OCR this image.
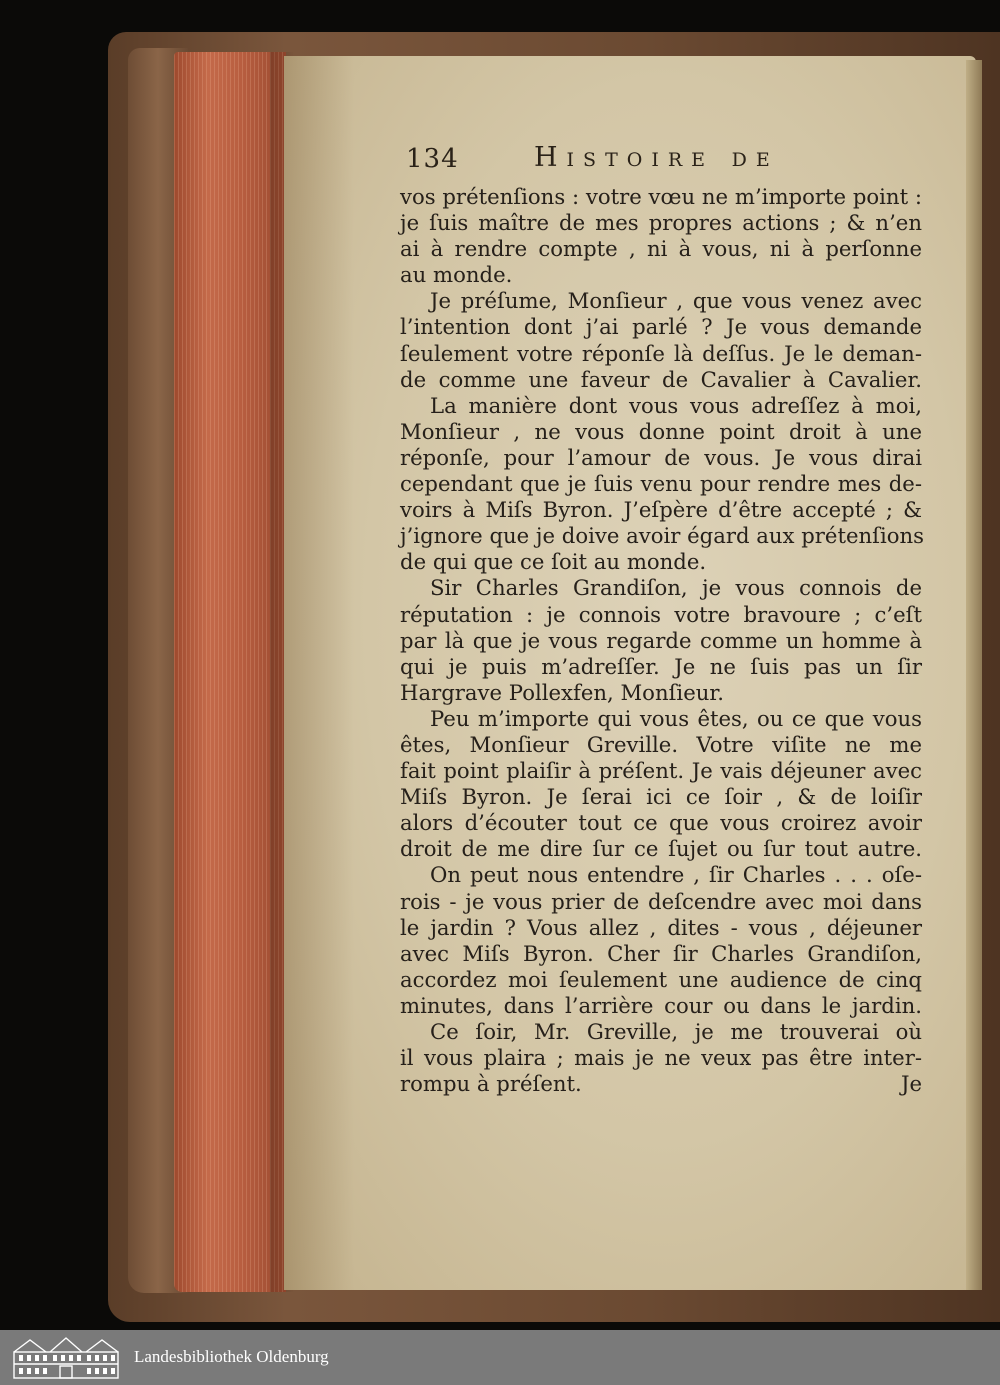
134	Histoire de
vos prétenſions : votre vœu ne m’importe point :
je ſuis maître de mes propres actions ; & n’en
ai à rendre compte , ni à vous, ni à perſonne
au monde.
Je préſume, Monſieur , que vous venez avec
l’intention dont j’ai parlé ? Je vous demande
ſeulement votre réponſe là deſſus. Je le deman-
de comme une faveur de Cavalier à Cavalier.
La manière dont vous vous adreſſez à moi,
Monſieur , ne vous donne point droit à une
réponſe, pour l’amour de vous. Je vous dirai
cependant que je ſuis venu pour rendre mes de-
voirs à Miſs Byron. J’eſpère d’être accepté ; &
j’ignore que je doive avoir égard aux prétenſions
de qui que ce ſoit au monde.
Sir Charles Grandiſon, je vous connois de
réputation : je connois votre bravoure ; c’eſt
par là que je vous regarde comme un homme à
qui je puis m’adreſſer. Je ne ſuis pas un ſir
Hargrave Pollexfen, Monſieur.
Peu m’importe qui vous êtes, ou ce que vous
êtes, Monſieur Greville. Votre viſite ne me
fait point plaiſir à préſent. Je vais déjeuner avec
Miſs Byron. Je ſerai ici ce ſoir , & de loiſir
alors d’écouter tout ce que vous croirez avoir
droit de me dire ſur ce ſujet ou ſur tout autre.
On peut nous entendre , ſir Charles . . . oſe-
rois - je vous prier de deſcendre avec moi dans
le jardin ? Vous allez , dites - vous , déjeuner
avec Miſs Byron. Cher ſir Charles Grandiſon,
accordez moi ſeulement une audience de cinq
minutes, dans l’arrière cour ou dans le jardin.
Ce ſoir, Mr. Greville, je me trouverai où
il vous plaira ; mais je ne veux pas être inter-
rompu à préſent.	Je
Landesbibliothek Oldenburg
